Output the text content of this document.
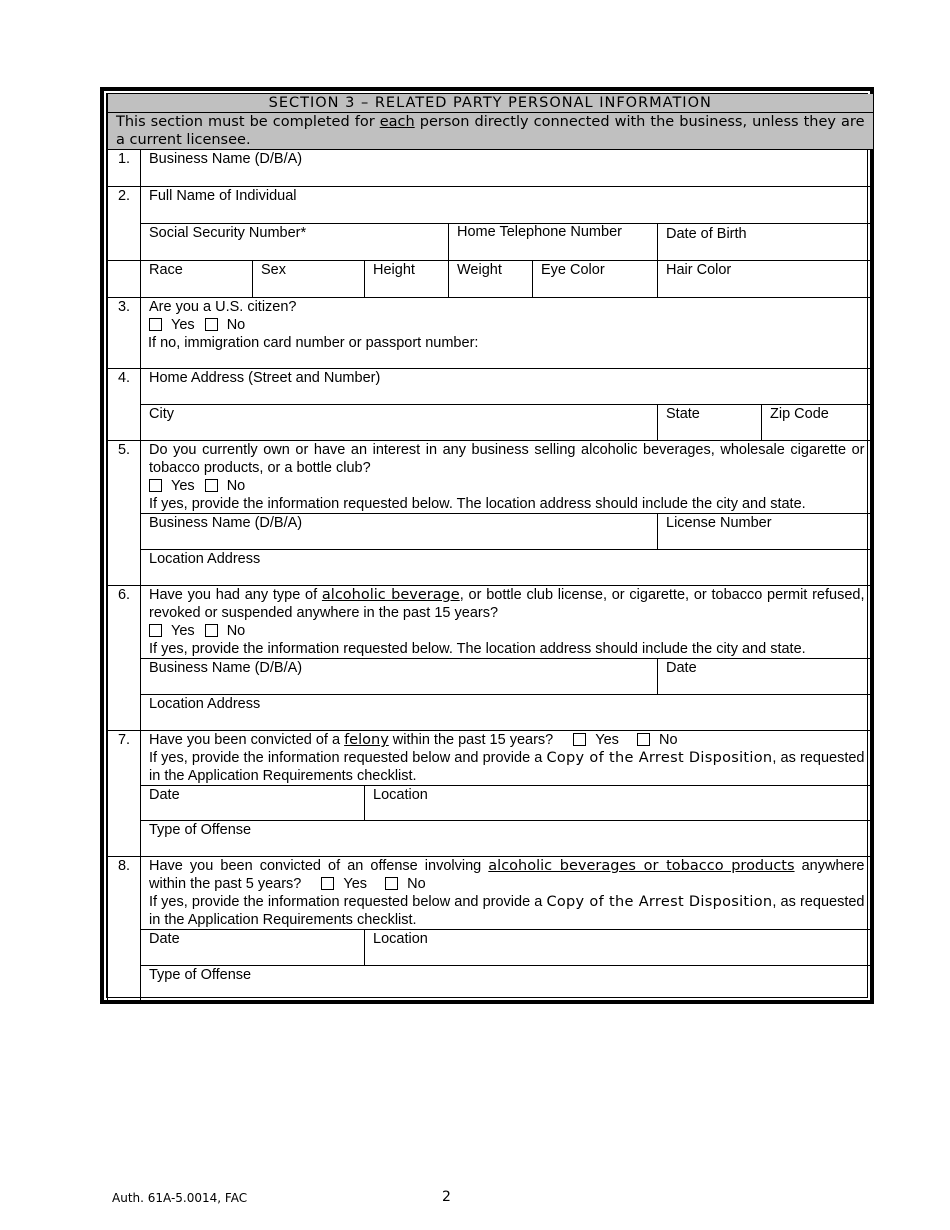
SECTION 3 – RELATED PARTY PERSONAL INFORMATION							
This section must be completed for each person directly connected with the business, unless they are a current licensee.							
1.	Business Name (D/B/A)						
2.	Full Name of Individual						
	Social Security Number*			Home Telephone Number		Date of Birth	

	Race	Sex	Height	Weight	Eye Color	Hair Color	
3.	Are you a U.S. citizen?
Yes No
If no, immigration card number or passport number:						

4.	Home Address (Street and Number)						
	City					State	Zip Code
5.	Do you currently own or have an interest in any business selling alcoholic beverages, wholesale cigarette or tobacco products, or a bottle club?
Yes No
If yes, provide the information requested below. The location address should include the city and state.						

	Business Name (D/B/A)					License Number	
	Location Address						
6.	Have you had any type of alcoholic beverage, or bottle club license, or cigarette, or tobacco permit refused, revoked or suspended anywhere in the past 15 years?
Yes No
If yes, provide the information requested below. The location address should include the city and state.						

	Business Name (D/B/A)					Date	
	Location Address						
7.	Have you been convicted of a felony within the past 15 years? Yes No
If yes, provide the information requested below and provide a Copy of the Arrest Disposition, as requested in the Application Requirements checklist.						

	Date		Location				
	Type of Offense						
8.	Have you been convicted of an offense involving alcoholic beverages or tobacco products anywhere within the past 5 years? Yes No
If yes, provide the information requested below and provide a Copy of the Arrest Disposition, as requested in the Application Requirements checklist.						

	Date		Location				
	Type of Offense						
Auth. 61A-5.0014, FAC	2
